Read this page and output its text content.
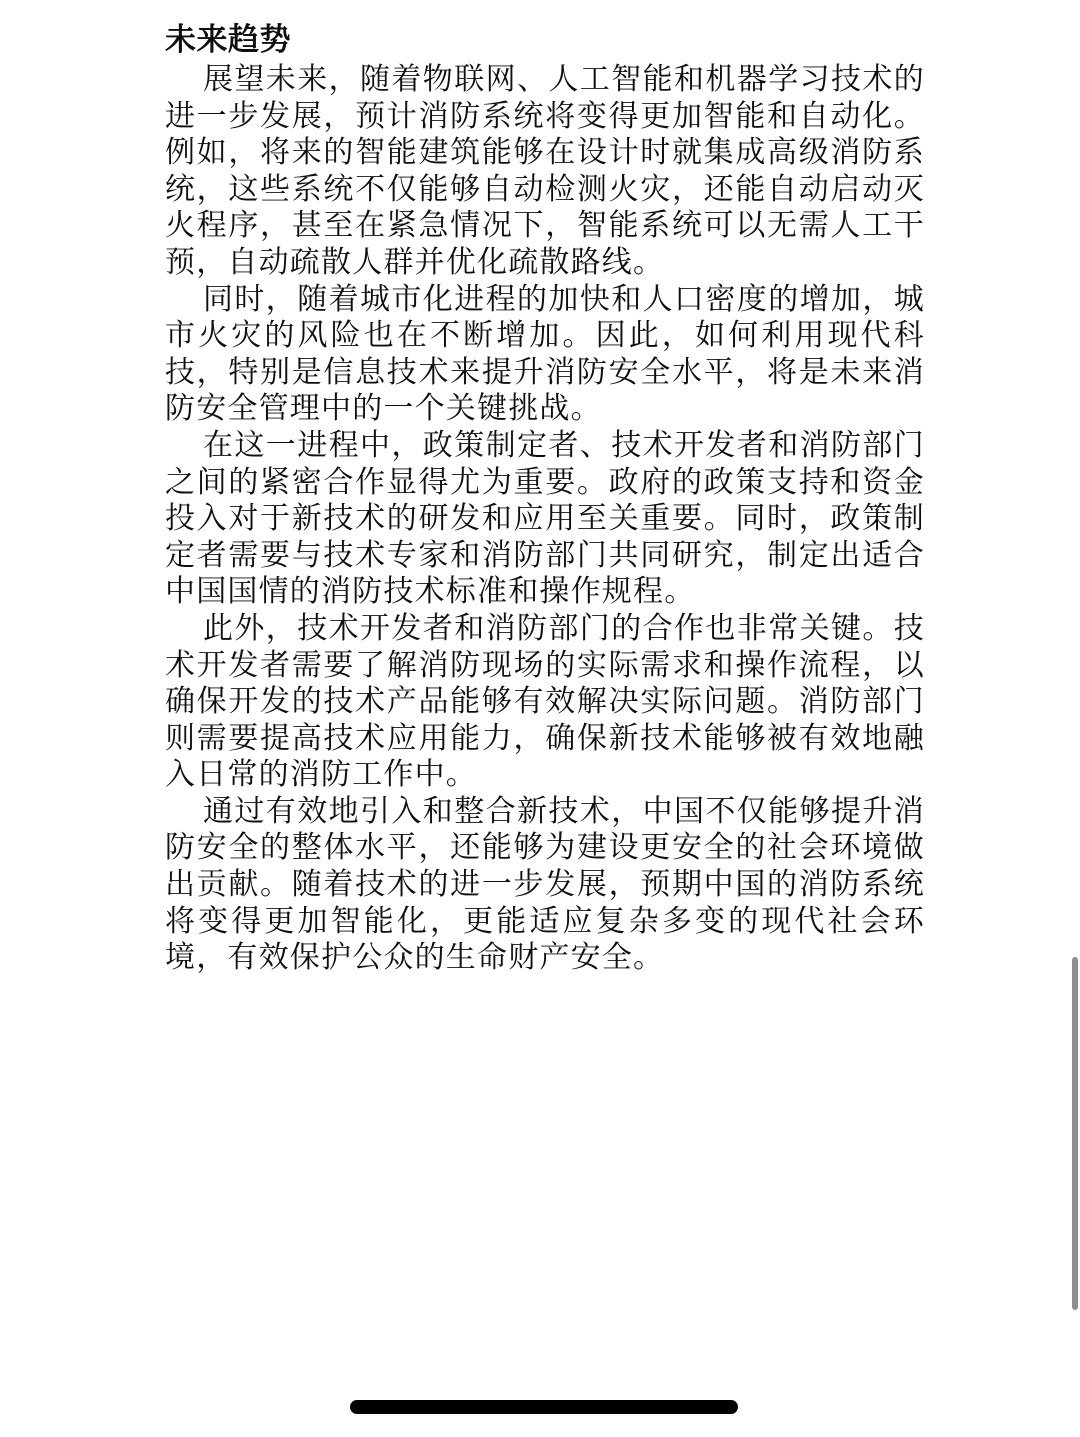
未来趋势

展望未来，随着物联网、人工智能和机器学习技术的进一步发展，预计消防系统将变得更加智能和自动化。例如，将来的智能建筑能够在设计时就集成高级消防系统，这些系统不仅能够自动检测火灾，还能自动启动灭火程序，甚至在紧急情况下，智能系统可以无需人工干预，自动疏散人群并优化疏散路线。

同时，随着城市化进程的加快和人口密度的增加，城市火灾的风险也在不断增加。因此，如何利用现代科技，特别是信息技术来提升消防安全水平，将是未来消防安全管理中的一个关键挑战。

在这一进程中，政策制定者、技术开发者和消防部门之间的紧密合作显得尤为重要。政府的政策支持和资金投入对于新技术的研发和应用至关重要。同时，政策制定者需要与技术专家和消防部门共同研究，制定出适合中国国情的消防技术标准和操作规程。

此外，技术开发者和消防部门的合作也非常关键。技术开发者需要了解消防现场的实际需求和操作流程，以确保开发的技术产品能够有效解决实际问题。消防部门则需要提高技术应用能力，确保新技术能够被有效地融入日常的消防工作中。

通过有效地引入和整合新技术，中国不仅能够提升消防安全的整体水平，还能够为建设更安全的社会环境做出贡献。随着技术的进一步发展，预期中国的消防系统将变得更加智能化，更能适应复杂多变的现代社会环境，有效保护公众的生命财产安全。
